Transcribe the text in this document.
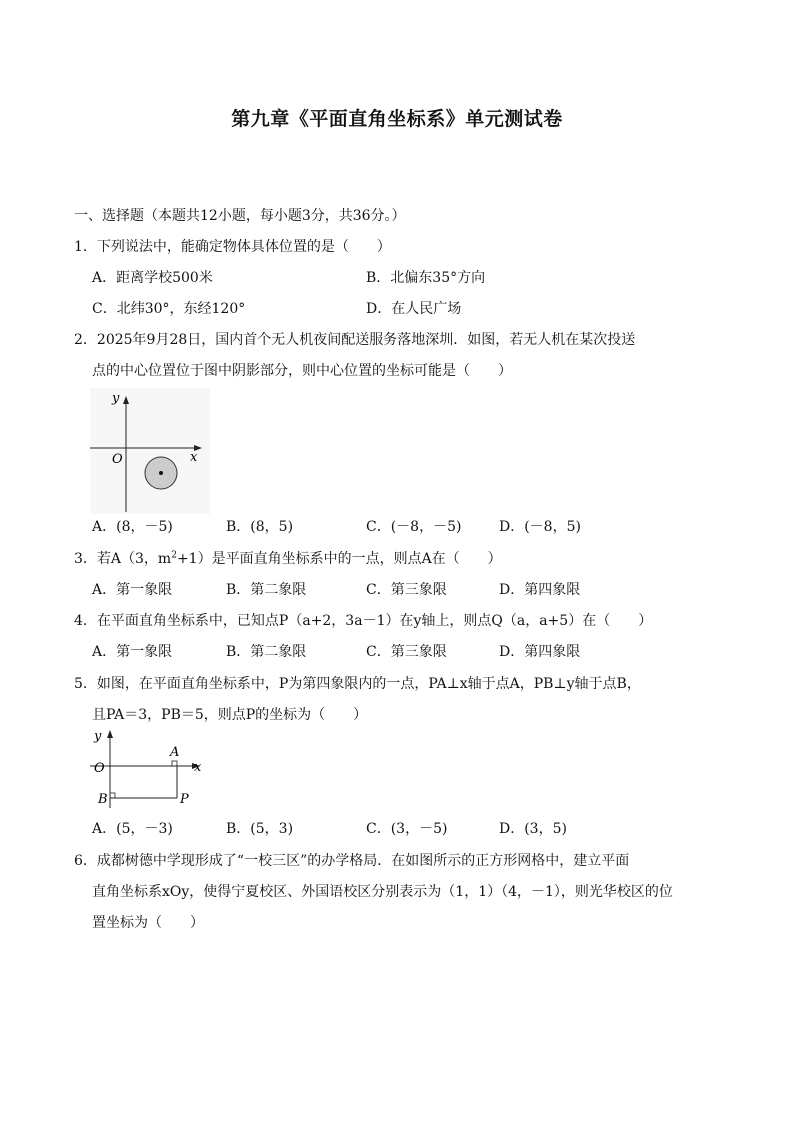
第九章《平面直角坐标系》单元测试卷
一、选择题（本题共12小题，每小题3分，共36分。）
1．下列说法中，能确定物体具体位置的是（　　）
A．距离学校500米	B．北偏东35°方向
C．北纬30°，东经120°	D．在人民广场
2．2025年9月28日，国内首个无人机夜间配送服务落地深圳．如图，若无人机在某次投送
点的中心位置位于图中阴影部分，则中心位置的坐标可能是（　　）
y
x
O
A．(8，－5)	B．(8，5)	C．(－8，－5)	D．(－8，5)
3．若A（3，$m^2+1$）是平面直角坐标系中的一点，则点A在（　　）
A．第一象限	B．第二象限	C．第三象限	D．第四象限
4．在平面直角坐标系中，已知点P（a+2，3a－1）在y轴上，则点Q（a，a+5）在（　　）
A．第一象限	B．第二象限	C．第三象限	D．第四象限
5．如图，在平面直角坐标系中，P为第四象限内的一点，PA⊥x轴于点A，PB⊥y轴于点B，
且PA＝3，PB＝5，则点P的坐标为（　　）
y
x
O
A
B	P
A．(5，－3)	B．(5，3)	C．(3，－5)	D．(3，5)
6．成都树德中学现形成了“一校三区”的办学格局．在如图所示的正方形网格中，建立平面
直角坐标系xOy，使得宁夏校区、外国语校区分别表示为（1，1）（4，－1），则光华校区的位
置坐标为（　　）
